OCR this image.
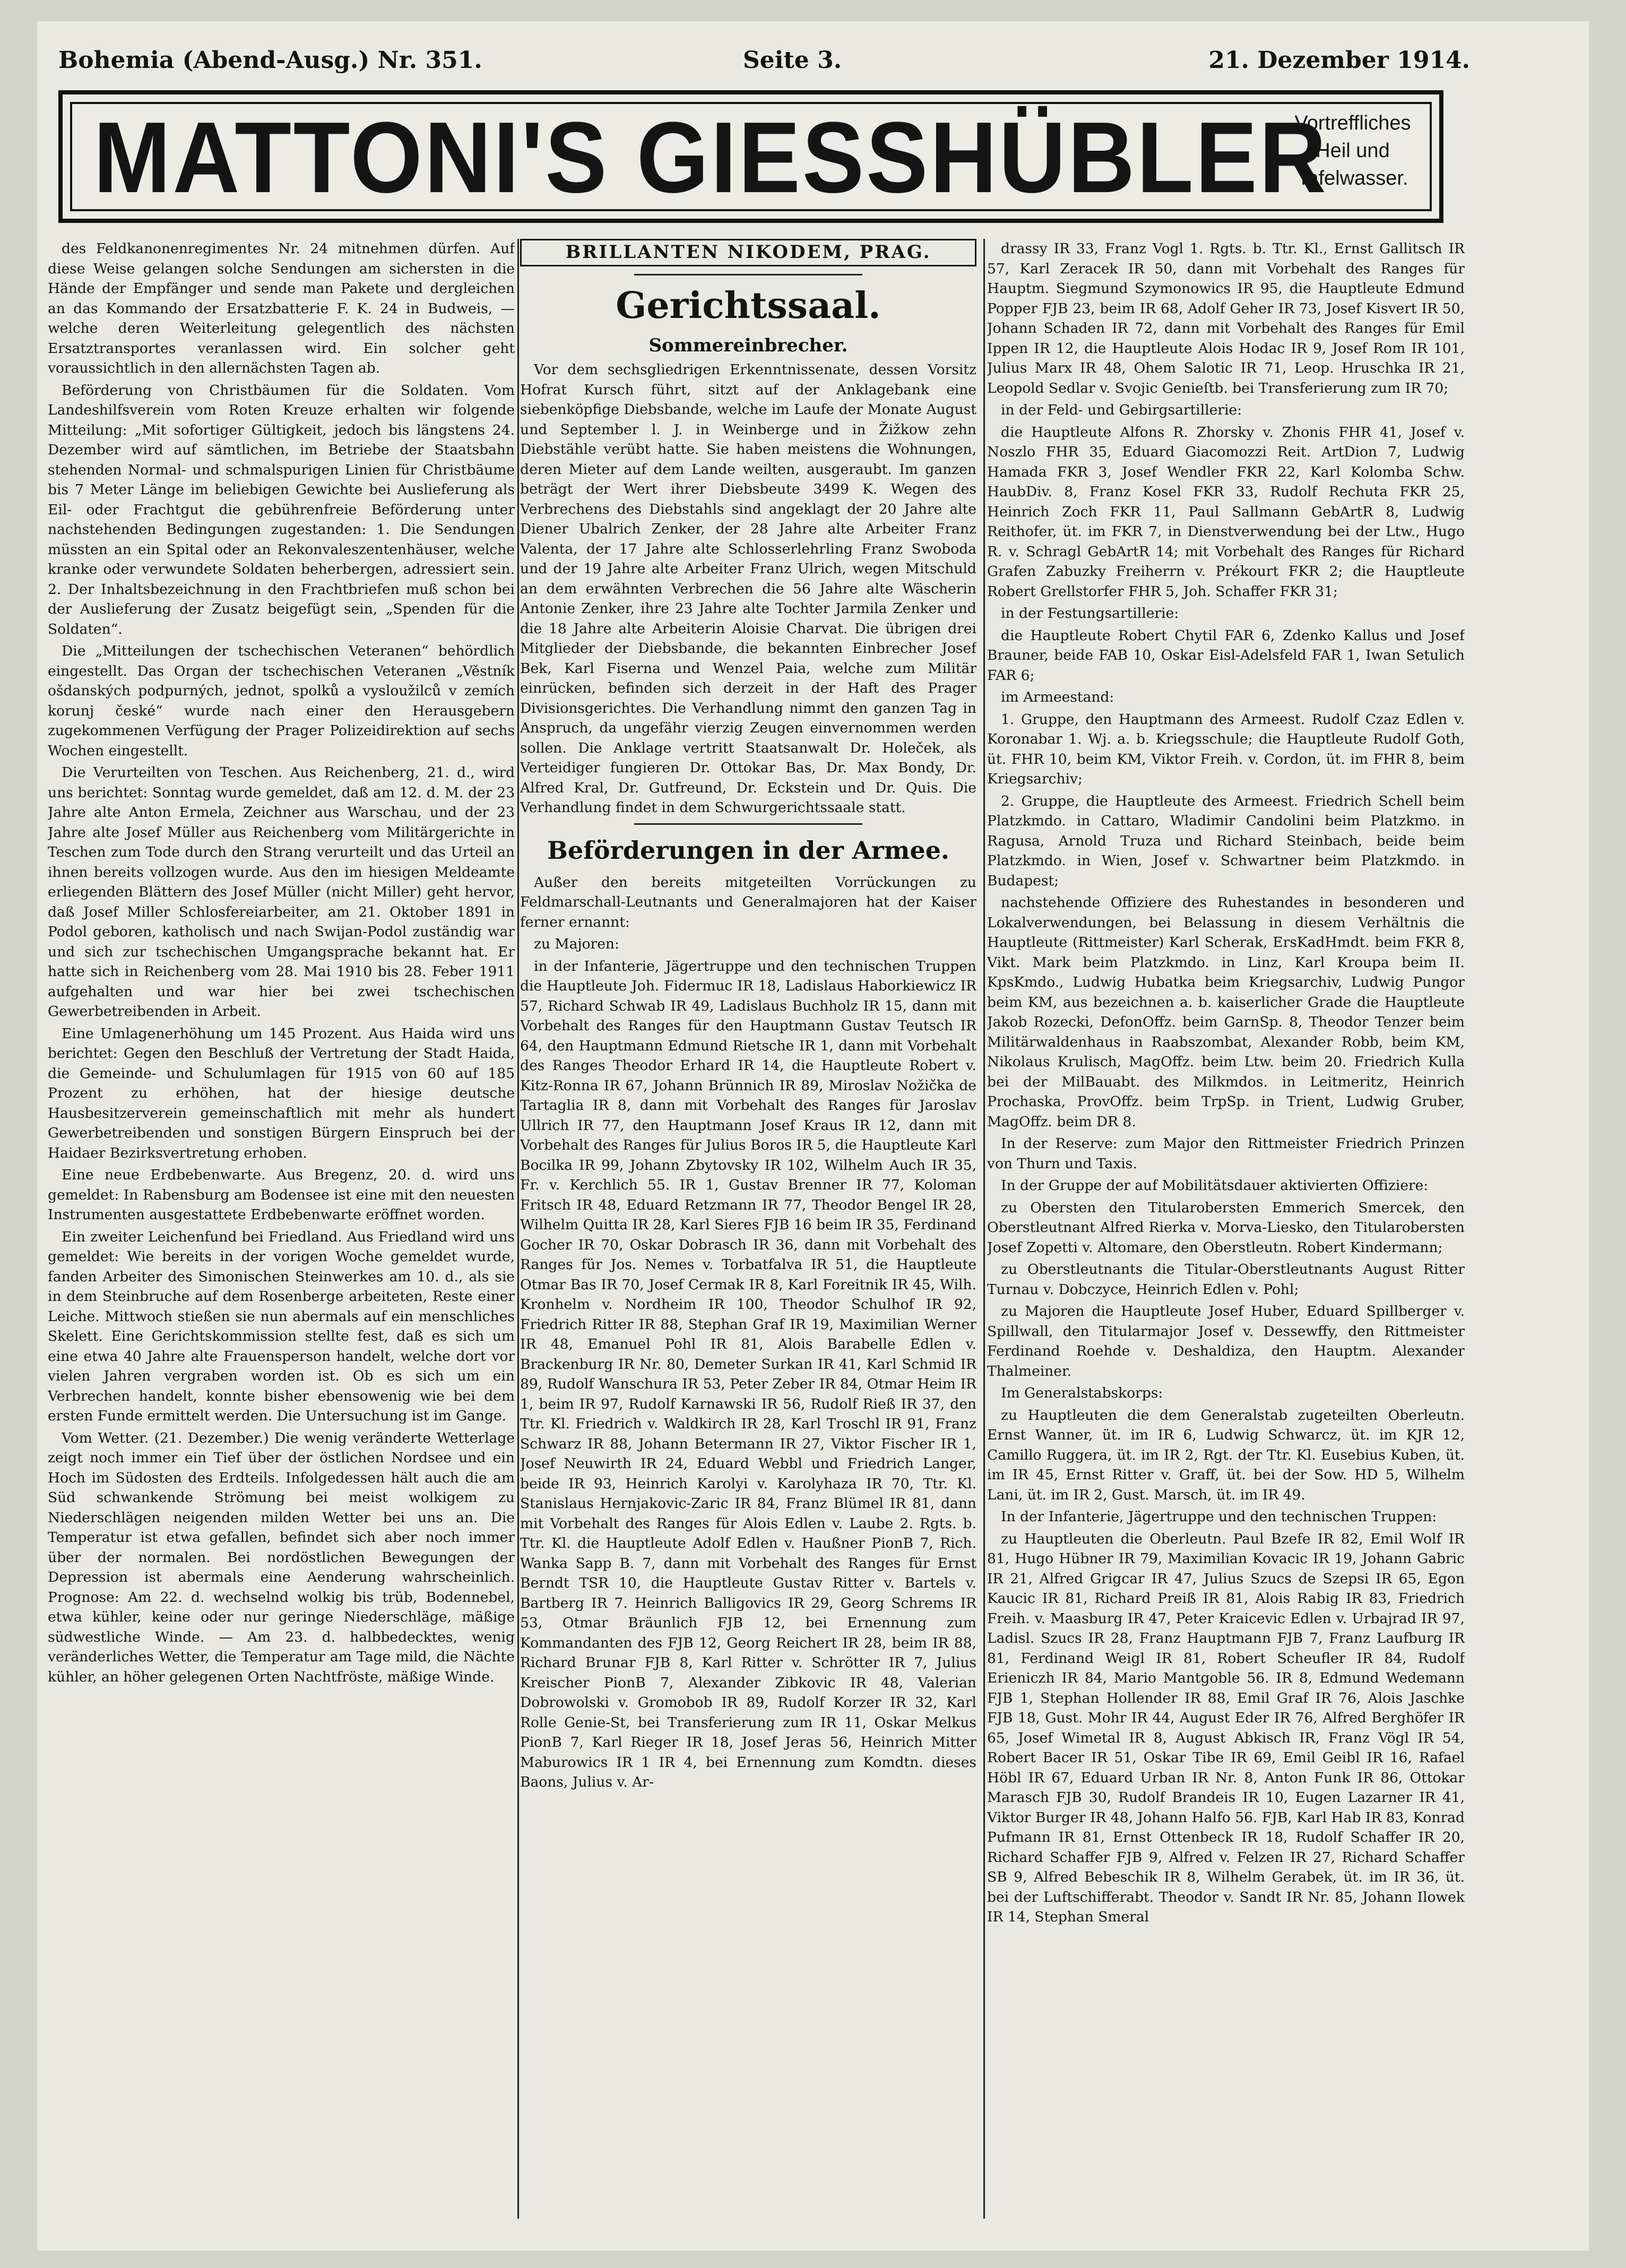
Bohemia (Abend-Ausg.) Nr. 351.	Seite 3.	21. Dezember 1914.
MATTONI'S GIESSHÜBLER
Vortreffliches
Heil und
Tafelwasser.

des Feldkanonenregimentes Nr. 24 mitnehmen dürfen. Auf diese Weise gelangen solche Sendungen am sichersten in die Hände der Empfänger und sende man Pakete und dergleichen an das Kommando der Ersatzbatterie F. K. 24 in Budweis, — welche deren Weiterleitung gelegentlich des nächsten Ersatztransportes veranlassen wird. Ein solcher geht voraussichtlich in den allernächsten Tagen ab.

Beförderung von Christbäumen für die Soldaten. Vom Landeshilfsverein vom Roten Kreuze erhalten wir folgende Mitteilung: „Mit sofortiger Gültigkeit, jedoch bis längstens 24. Dezember wird auf sämtlichen, im Betriebe der Staatsbahn stehenden Normal- und schmalspurigen Linien für Christbäume bis 7 Meter Länge im beliebigen Gewichte bei Auslieferung als Eil- oder Frachtgut die gebührenfreie Beförderung unter nachstehenden Bedingungen zugestanden: 1. Die Sendungen müssten an ein Spital oder an Rekonvaleszentenhäuser, welche kranke oder verwundete Soldaten beherbergen, adressiert sein. 2. Der Inhaltsbezeichnung in den Frachtbriefen muß schon bei der Auslieferung der Zusatz beigefügt sein, „Spenden für die Soldaten“.

Die „Mitteilungen der tschechischen Veteranen“ behördlich eingestellt. Das Organ der tschechischen Veteranen „Věstník ošdanských podpurných, jednot, spolků a vysloužilců v zemích korunj české“ wurde nach einer den Herausgebern zugekommenen Verfügung der Prager Polizeidirektion auf sechs Wochen eingestellt.

Die Verurteilten von Teschen. Aus Reichenberg, 21. d., wird uns berichtet: Sonntag wurde gemeldet, daß am 12. d. M. der 23 Jahre alte Anton Ermela, Zeichner aus Warschau, und der 23 Jahre alte Josef Müller aus Reichenberg vom Militärgerichte in Teschen zum Tode durch den Strang verurteilt und das Urteil an ihnen bereits vollzogen wurde. Aus den im hiesigen Meldeamte erliegenden Blättern des Josef Müller (nicht Miller) geht hervor, daß Josef Miller Schlosfereiarbeiter, am 21. Oktober 1891 in Podol geboren, katholisch und nach Swijan-Podol zuständig war und sich zur tschechischen Umgangsprache bekannt hat. Er hatte sich in Reichenberg vom 28. Mai 1910 bis 28. Feber 1911 aufgehalten und war hier bei zwei tschechischen Gewerbetreibenden in Arbeit.

Eine Umlagenerhöhung um 145 Prozent. Aus Haida wird uns berichtet: Gegen den Beschluß der Vertretung der Stadt Haida, die Gemeinde- und Schulumlagen für 1915 von 60 auf 185 Prozent zu erhöhen, hat der hiesige deutsche Hausbesitzerverein gemeinschaftlich mit mehr als hundert Gewerbetreibenden und sonstigen Bürgern Einspruch bei der Haidaer Bezirksvertretung erhoben.

Eine neue Erdbebenwarte. Aus Bregenz, 20. d. wird uns gemeldet: In Rabensburg am Bodensee ist eine mit den neuesten Instrumenten ausgestattete Erdbebenwarte eröffnet worden.

Ein zweiter Leichenfund bei Friedland. Aus Friedland wird uns gemeldet: Wie bereits in der vorigen Woche gemeldet wurde, fanden Arbeiter des Simonischen Steinwerkes am 10. d., als sie in dem Steinbruche auf dem Rosenberge arbeiteten, Reste einer Leiche. Mittwoch stießen sie nun abermals auf ein menschliches Skelett. Eine Gerichtskommission stellte fest, daß es sich um eine etwa 40 Jahre alte Frauensperson handelt, welche dort vor vielen Jahren vergraben worden ist. Ob es sich um ein Verbrechen handelt, konnte bisher ebensowenig wie bei dem ersten Funde ermittelt werden. Die Untersuchung ist im Gange.

Vom Wetter. (21. Dezember.) Die wenig veränderte Wetterlage zeigt noch immer ein Tief über der östlichen Nordsee und ein Hoch im Südosten des Erdteils. Infolgedessen hält auch die am Süd schwankende Strömung bei meist wolkigem zu Niederschlägen neigenden milden Wetter bei uns an. Die Temperatur ist etwa gefallen, befindet sich aber noch immer über der normalen. Bei nordöstlichen Bewegungen der Depression ist abermals eine Aenderung wahrscheinlich. Prognose: Am 22. d. wechselnd wolkig bis trüb, Bodennebel, etwa kühler, keine oder nur geringe Niederschläge, mäßige südwestliche Winde. — Am 23. d. halbbedecktes, wenig veränderliches Wetter, die Temperatur am Tage mild, die Nächte kühler, an höher gelegenen Orten Nachtfröste, mäßige Winde.

BRILLANTEN NIKODEM, PRAG.
Gerichtssaal.
Sommereinbrecher.

Vor dem sechsgliedrigen Erkenntnissenate, dessen Vorsitz Hofrat Kursch führt, sitzt auf der Anklagebank eine siebenköpfige Diebsbande, welche im Laufe der Monate August und September l. J. in Weinberge und in Žižkow zehn Diebstähle verübt hatte. Sie haben meistens die Wohnungen, deren Mieter auf dem Lande weilten, ausgeraubt. Im ganzen beträgt der Wert ihrer Diebsbeute 3499 K. Wegen des Verbrechens des Diebstahls sind angeklagt der 20 Jahre alte Diener Ubalrich Zenker, der 28 Jahre alte Arbeiter Franz Valenta, der 17 Jahre alte Schlosserlehrling Franz Swoboda und der 19 Jahre alte Arbeiter Franz Ulrich, wegen Mitschuld an dem erwähnten Verbrechen die 56 Jahre alte Wäscherin Antonie Zenker, ihre 23 Jahre alte Tochter Jarmila Zenker und die 18 Jahre alte Arbeiterin Aloisie Charvat. Die übrigen drei Mitglieder der Diebsbande, die bekannten Einbrecher Josef Bek, Karl Fiserna und Wenzel Paia, welche zum Militär einrücken, befinden sich derzeit in der Haft des Prager Divisionsgerichtes. Die Verhandlung nimmt den ganzen Tag in Anspruch, da ungefähr vierzig Zeugen einvernommen werden sollen. Die Anklage vertritt Staatsanwalt Dr. Holeček, als Verteidiger fungieren Dr. Ottokar Bas, Dr. Max Bondy, Dr. Alfred Kral, Dr. Gutfreund, Dr. Eckstein und Dr. Quis. Die Verhandlung findet in dem Schwurgerichtssaale statt.

Beförderungen in der Armee.

Außer den bereits mitgeteilten Vorrückungen zu Feldmarschall-Leutnants und Generalmajoren hat der Kaiser ferner ernannt:

zu Majoren:

in der Infanterie, Jägertruppe und den technischen Truppen die Hauptleute Joh. Fidermuc IR 18, Ladislaus Haborkiewicz IR 57, Richard Schwab IR 49, Ladislaus Buchholz IR 15, dann mit Vorbehalt des Ranges für den Hauptmann Gustav Teutsch IR 64, den Hauptmann Edmund Rietsche IR 1, dann mit Vorbehalt des Ranges Theodor Erhard IR 14, die Hauptleute Robert v. Kitz-Ronna IR 67, Johann Brünnich IR 89, Miroslav Nožička de Tartaglia IR 8, dann mit Vorbehalt des Ranges für Jaroslav Ullrich IR 77, den Hauptmann Josef Kraus IR 12, dann mit Vorbehalt des Ranges für Julius Boros IR 5, die Hauptleute Karl Bocilka IR 99, Johann Zbytovsky IR 102, Wilhelm Auch IR 35, Fr. v. Kerchlich 55. IR 1, Gustav Brenner IR 77, Koloman Fritsch IR 48, Eduard Retzmann IR 77, Theodor Bengel IR 28, Wilhelm Quitta IR 28, Karl Sieres FJB 16 beim IR 35, Ferdinand Gocher IR 70, Oskar Dobrasch IR 36, dann mit Vorbehalt des Ranges für Jos. Nemes v. Torbatfalva IR 51, die Hauptleute Otmar Bas IR 70, Josef Cermak IR 8, Karl Foreitnik IR 45, Wilh. Kronhelm v. Nordheim IR 100, Theodor Schulhof IR 92, Friedrich Ritter IR 88, Stephan Graf IR 19, Maximilian Werner IR 48, Emanuel Pohl IR 81, Alois Barabelle Edlen v. Brackenburg IR Nr. 80, Demeter Surkan IR 41, Karl Schmid IR 89, Rudolf Wanschura IR 53, Peter Zeber IR 84, Otmar Heim IR 1, beim IR 97, Rudolf Karnawski IR 56, Rudolf Rieß IR 37, den Ttr. Kl. Friedrich v. Waldkirch IR 28, Karl Troschl IR 91, Franz Schwarz IR 88, Johann Betermann IR 27, Viktor Fischer IR 1, Josef Neuwirth IR 24, Eduard Webbl und Friedrich Langer, beide IR 93, Heinrich Karolyi v. Karolyhaza IR 70, Ttr. Kl. Stanislaus Hernjakovic-Zaric IR 84, Franz Blümel IR 81, dann mit Vorbehalt des Ranges für Alois Edlen v. Laube 2. Rgts. b. Ttr. Kl. die Hauptleute Adolf Edlen v. Haußner PionB 7, Rich. Wanka Sapp B. 7, dann mit Vorbehalt des Ranges für Ernst Berndt TSR 10, die Hauptleute Gustav Ritter v. Bartels v. Bartberg IR 7. Heinrich Balligovics IR 29, Georg Schrems IR 53, Otmar Bräunlich FJB 12, bei Ernennung zum Kommandanten des FJB 12, Georg Reichert IR 28, beim IR 88, Richard Brunar FJB 8, Karl Ritter v. Schrötter IR 7, Julius Kreischer PionB 7, Alexander Zibkovic IR 48, Valerian Dobrowolski v. Gromobob IR 89, Rudolf Korzer IR 32, Karl Rolle Genie-St, bei Transferierung zum IR 11, Oskar Melkus PionB 7, Karl Rieger IR 18, Josef Jeras 56, Heinrich Mitter Maburowics IR 1 IR 4, bei Ernennung zum Komdtn. dieses Baons, Julius v. Ar-

drassy IR 33, Franz Vogl 1. Rgts. b. Ttr. Kl., Ernst Gallitsch IR 57, Karl Zeracek IR 50, dann mit Vorbehalt des Ranges für Hauptm. Siegmund Szymonowics IR 95, die Hauptleute Edmund Popper FJB 23, beim IR 68, Adolf Geher IR 73, Josef Kisvert IR 50, Johann Schaden IR 72, dann mit Vorbehalt des Ranges für Emil Ippen IR 12, die Hauptleute Alois Hodac IR 9, Josef Rom IR 101, Julius Marx IR 48, Ohem Salotic IR 71, Leop. Hruschka IR 21, Leopold Sedlar v. Svojic Genieſtb. bei Transferierung zum IR 70;

in der Feld- und Gebirgsartillerie:

die Hauptleute Alfons R. Zhorsky v. Zhonis FHR 41, Josef v. Noszlo FHR 35, Eduard Giacomozzi Reit. ArtDion 7, Ludwig Hamada FKR 3, Josef Wendler FKR 22, Karl Kolomba Schw. HaubDiv. 8, Franz Kosel FKR 33, Rudolf Rechuta FKR 25, Heinrich Zoch FKR 11, Paul Sallmann GebArtR 8, Ludwig Reithofer, üt. im FKR 7, in Dienstverwendung bei der Ltw., Hugo R. v. Schragl GebArtR 14; mit Vorbehalt des Ranges für Richard Grafen Zabuzky Freiherrn v. Prékourt FKR 2; die Hauptleute Robert Grellstorfer FHR 5, Joh. Schaffer FKR 31;

in der Festungsartillerie:

die Hauptleute Robert Chytil FAR 6, Zdenko Kallus und Josef Brauner, beide FAB 10, Oskar Eisl-Adelsfeld FAR 1, Iwan Setulich FAR 6;

im Armeestand:

1. Gruppe, den Hauptmann des Armeest. Rudolf Czaz Edlen v. Koronabar 1. Wj. a. b. Kriegsschule; die Hauptleute Rudolf Goth, üt. FHR 10, beim KM, Viktor Freih. v. Cordon, üt. im FHR 8, beim Kriegsarchiv;

2. Gruppe, die Hauptleute des Armeest. Friedrich Schell beim Platzkmdo. in Cattaro, Wladimir Candolini beim Platzkmo. in Ragusa, Arnold Truza und Richard Steinbach, beide beim Platzkmdo. in Wien, Josef v. Schwartner beim Platzkmdo. in Budapest;

nachstehende Offiziere des Ruhestandes in besonderen und Lokalverwendungen, bei Belassung in diesem Verhältnis die Hauptleute (Rittmeister) Karl Scherak, ErsKadHmdt. beim FKR 8, Vikt. Mark beim Platzkmdo. in Linz, Karl Kroupa beim II. KpsKmdo., Ludwig Hubatka beim Kriegsarchiv, Ludwig Pungor beim KM, aus bezeichnen a. b. kaiserlicher Grade die Hauptleute Jakob Rozecki, DefonOffz. beim GarnSp. 8, Theodor Tenzer beim Militärwaldenhaus in Raabszombat, Alexander Robb, beim KM, Nikolaus Krulisch, MagOffz. beim Ltw. beim 20. Friedrich Kulla bei der MilBauabt. des Milkmdos. in Leitmeritz, Heinrich Prochaska, ProvOffz. beim TrpSp. in Trient, Ludwig Gruber, MagOffz. beim DR 8.

In der Reserve: zum Major den Rittmeister Friedrich Prinzen von Thurn und Taxis.

In der Gruppe der auf Mobilitätsdauer aktivierten Offiziere:

zu Obersten den Titularobersten Emmerich Smercek, den Oberstleutnant Alfred Rierka v. Morva-Liesko, den Titularobersten Josef Zopetti v. Altomare, den Oberstleutn. Robert Kindermann;

zu Oberstleutnants die Titular-Oberstleutnants August Ritter Turnau v. Dobczyce, Heinrich Edlen v. Pohl;

zu Majoren die Hauptleute Josef Huber, Eduard Spillberger v. Spillwall, den Titularmajor Josef v. Dessewffy, den Rittmeister Ferdinand Roehde v. Deshaldiza, den Hauptm. Alexander Thalmeiner.

Im Generalstabskorps:

zu Hauptleuten die dem Generalstab zugeteilten Oberleutn. Ernst Wanner, üt. im IR 6, Ludwig Schwarcz, üt. im KJR 12, Camillo Ruggera, üt. im IR 2, Rgt. der Ttr. Kl. Eusebius Kuben, üt. im IR 45, Ernst Ritter v. Graff, üt. bei der Sow. HD 5, Wilhelm Lani, üt. im IR 2, Gust. Marsch, üt. im IR 49.

In der Infanterie, Jägertruppe und den technischen Truppen:

zu Hauptleuten die Oberleutn. Paul Bzefe IR 82, Emil Wolf IR 81, Hugo Hübner IR 79, Maximilian Kovacic IR 19, Johann Gabric IR 21, Alfred Grigcar IR 47, Julius Szucs de Szepsi IR 65, Egon Kaucic IR 81, Richard Preiß IR 81, Alois Rabig IR 83, Friedrich Freih. v. Maasburg IR 47, Peter Kraicevic Edlen v. Urbajrad IR 97, Ladisl. Szucs IR 28, Franz Hauptmann FJB 7, Franz Laufburg IR 81, Ferdinand Weigl IR 81, Robert Scheufler IR 84, Rudolf Erieniczh IR 84, Mario Mantgoble 56. IR 8, Edmund Wedemann FJB 1, Stephan Hollender IR 88, Emil Graf IR 76, Alois Jaschke FJB 18, Gust. Mohr IR 44, August Eder IR 76, Alfred Berghöfer IR 65, Josef Wimetal IR 8, August Abkisch IR, Franz Vögl IR 54, Robert Bacer IR 51, Oskar Tibe IR 69, Emil Geibl IR 16, Rafael Höbl IR 67, Eduard Urban IR Nr. 8, Anton Funk IR 86, Ottokar Marasch FJB 30, Rudolf Brandeis IR 10, Eugen Lazarner IR 41, Viktor Burger IR 48, Johann Halfo 56. FJB, Karl Hab IR 83, Konrad Pufmann IR 81, Ernst Ottenbeck IR 18, Rudolf Schaffer IR 20, Richard Schaffer FJB 9, Alfred v. Felzen IR 27, Richard Schaffer SB 9, Alfred Bebeschik IR 8, Wilhelm Gerabek, üt. im IR 36, üt. bei der Luftschifferabt. Theodor v. Sandt IR Nr. 85, Johann Ilowek IR 14, Stephan Smeral
